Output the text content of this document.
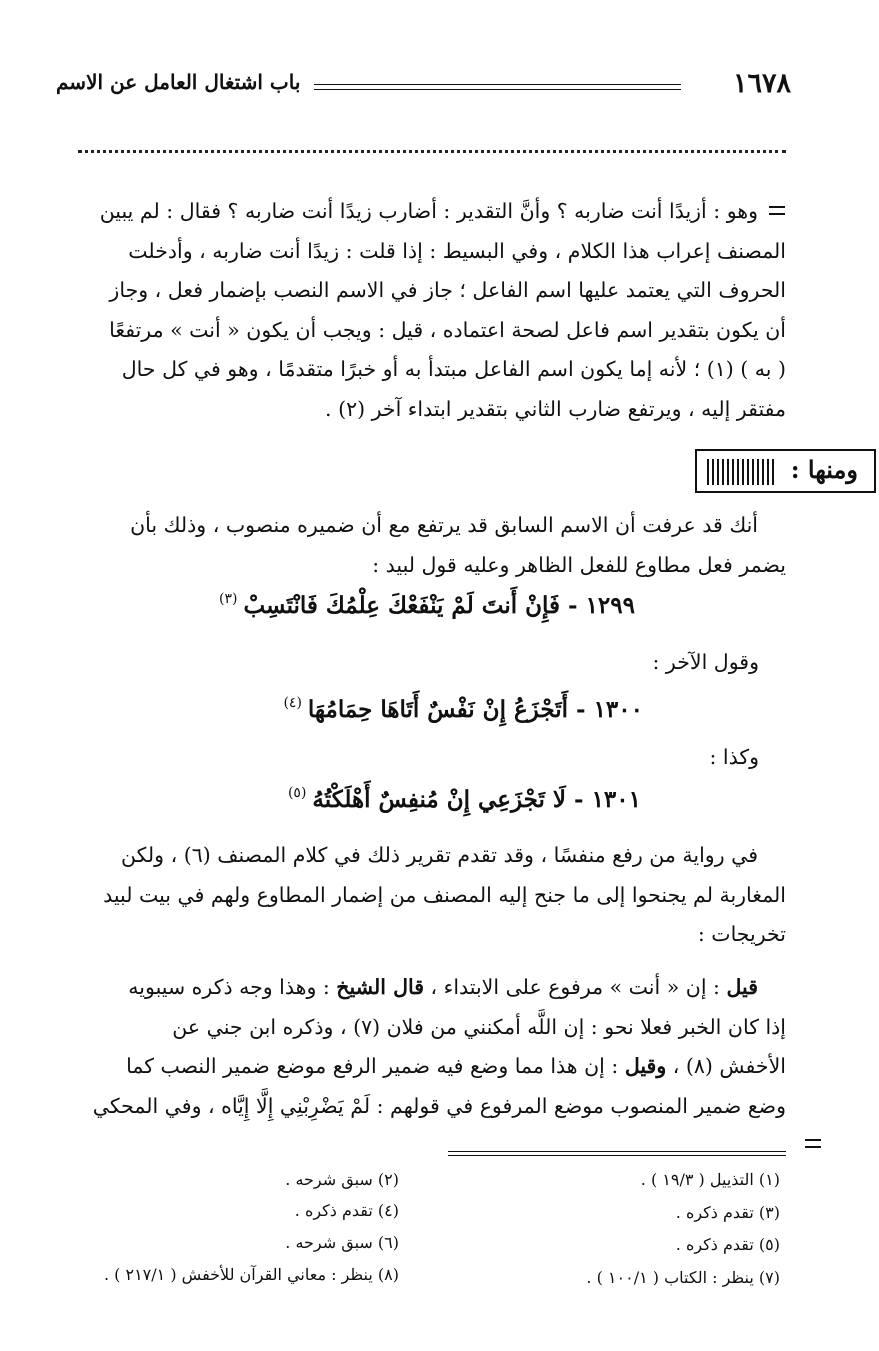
١٦٧٨
باب اشتغال العامل عن الاسم
وهو : أزيدًا أنت ضاربه ؟ وأنَّ التقدير : أضارب زيدًا أنت ضاربه ؟ فقال : لم يبين
المصنف إعراب هذا الكلام ، وفي البسيط : إذا قلت : زيدًا أنت ضاربه ، وأدخلت
الحروف التي يعتمد عليها اسم الفاعل ؛ جاز في الاسم النصب بإضمار فعل ، وجاز
أن يكون بتقدير اسم فاعل لصحة اعتماده ، قيل : ويجب أن يكون « أنت » مرتفعًا
( به ) (١) ؛ لأنه إما يكون اسم الفاعل مبتدأ به أو خبرًا متقدمًا ، وهو في كل حال
مفتقر إليه ، ويرتفع ضارب الثاني بتقدير ابتداء آخر (٢) .
ومنها :
أنك قد عرفت أن الاسم السابق قد يرتفع مع أن ضميره منصوب ، وذلك بأن
يضمر فعل مطاوع للفعل الظاهر وعليه قول لبيد :
١٢٩٩ - فَإِنْ أَنتَ لَمْ يَنْفَعْكَ عِلْمُكَ فَانْتَسِبْ$^{(٣)}$
وقول الآخر :
١٣٠٠ - أَتَجْزَعُ إِنْ نَفْسٌ أَتَاهَا حِمَامُهَا$^{(٤)}$
وكذا :
١٣٠١ - لَا تَجْزَعِي إِنْ مُنفِسٌ أَهْلَكْتُهُ$^{(٥)}$
في رواية من رفع منفسًا ، وقد تقدم تقرير ذلك في كلام المصنف (٦) ، ولكن
المغاربة لم يجنحوا إلى ما جنح إليه المصنف من إضمار المطاوع ولهم في بيت لبيد
تخريجات :
قيل : إن « أنت » مرفوع على الابتداء ، قال الشيخ : وهذا وجه ذكره سيبويه
إذا كان الخبر فعلا نحو : إن اللَّه أمكنني من فلان (٧) ، وذكره ابن جني عن
الأخفش (٨) ، وقيل : إن هذا مما وضع فيه ضمير الرفع موضع ضمير النصب كما
وضع ضمير المنصوب موضع المرفوع في قولهم : لَمْ يَضْرِبْنِي إِلَّا إِيَّاه ، وفي المحكي
(١) التذييل ( ١٩/٣ ) .
(٢) سبق شرحه .
(٣) تقدم ذكره .
(٤) تقدم ذكره .
(٥) تقدم ذكره .
(٦) سبق شرحه .
(٧) ينظر : الكتاب ( ١٠٠/١ ) .
(٨) ينظر : معاني القرآن للأخفش ( ٢١٧/١ ) .
